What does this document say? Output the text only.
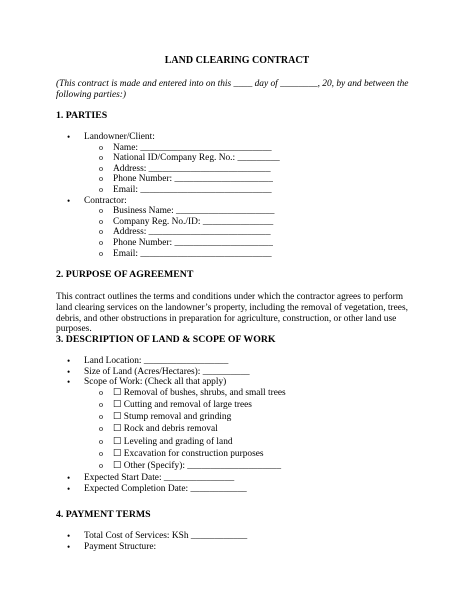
LAND CLEARING CONTRACT
(This contract is made and entered into on this ____ day of ________, 20, by and between the following parties:)
1. PARTIES
• Landowner/Client:
o Name: ____________________________
o National ID/Company Reg. No.: _________
o Address: __________________________
o Phone Number: _____________________
o Email: ____________________________
• Contractor:
o Business Name: _____________________
o Company Reg. No./ID: _______________
o Address: __________________________
o Phone Number: _____________________
o Email: ____________________________
2. PURPOSE OF AGREEMENT
This contract outlines the terms and conditions under which the contractor agrees to perform land clearing services on the landowner’s property, including the removal of vegetation, trees, debris, and other obstructions in preparation for agriculture, construction, or other land use purposes.
3. DESCRIPTION OF LAND & SCOPE OF WORK
• Land Location: __________________
• Size of Land (Acres/Hectares): __________
• Scope of Work: (Check all that apply)
o ☐ Removal of bushes, shrubs, and small trees
o ☐ Cutting and removal of large trees
o ☐ Stump removal and grinding
o ☐ Rock and debris removal
o ☐ Leveling and grading of land
o ☐ Excavation for construction purposes
o ☐ Other (Specify): ____________________
• Expected Start Date: _______________
• Expected Completion Date: ____________
4. PAYMENT TERMS
• Total Cost of Services: KSh ____________
• Payment Structure:
